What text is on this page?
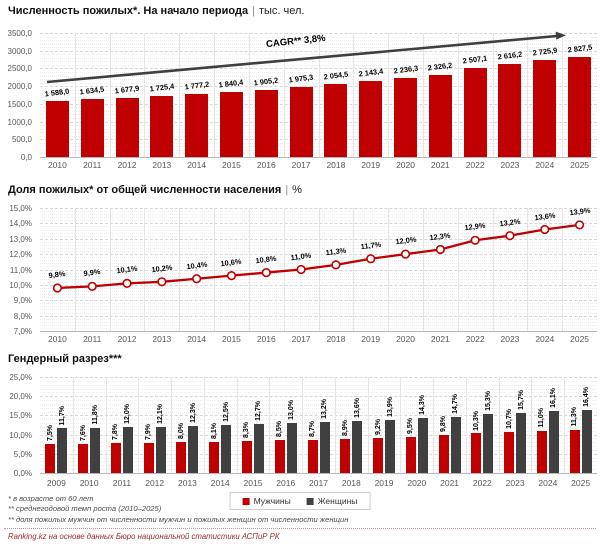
Численность пожилых*. На начало периода | тыс. чел.
3500,0
3000,0
2500,0
2000,0
1500,0
1000,0
500,0
0,0
1 588,0 1 634,5 1 677,9 1 725,4 1 777,2 1 840,4 1 905,2 1 975,3 2 054,5 2 143,4 2 236,3 2 326,2
2 507,1 2 616,2 2 725,9 2 827,5
CAGR** 3,8%
2010	2011	2012	2013	2014	2015	2016	2017	2018	2019	2020	2021	2022	2023	2024	2025
Доля пожилых* от общей численности населения | %
15,0%
14,0%
13,0%
12,0%
11,0%
10,0%
9,0%
8,0%
7,0%
9,8% 9,9% 10,1% 10,2% 10,4% 10,6% 10,8% 11,0% 11,3%
11,7% 12,0% 12,3%
12,9% 13,2%
13,6% 13,9%
2010	2011	2012	2013	2014	2015	2016	2017	2018	2019	2020	2021	2022	2023	2024	2025
Гендерный разрез***
25,0%
20,0%
15,0%
10,0%
5,0%
0,0%
7,5%	7,6%	7,8%	7,9%	8,0%	8,1%	8,3%	8,5%	8,7%	8,9%	9,2%	9,5%	9,8%	10,3%	10,7%	11,0%	11,3%
11,7%	11,8%	12,0%	12,1%	12,3%	12,5%	12,7%	13,0%	13,2%	13,6%	13,9%	14,3%	14,7%	15,3%	15,7%	16,1%	16,4%
2009	2010	2011	2012	2013	2014	2015	2016	2017	2018	2019	2020	2021	2022	2023	2024	2025
Мужчины	Женщины
* в возрасте от 60 лет
** среднегодовой темп роста (2010–2025)
** доля пожилых мужчин от численности мужчин и пожилых женщин от численности женщин
Ranking.kz на основе данных Бюро национальной статистики АСПиР РК
